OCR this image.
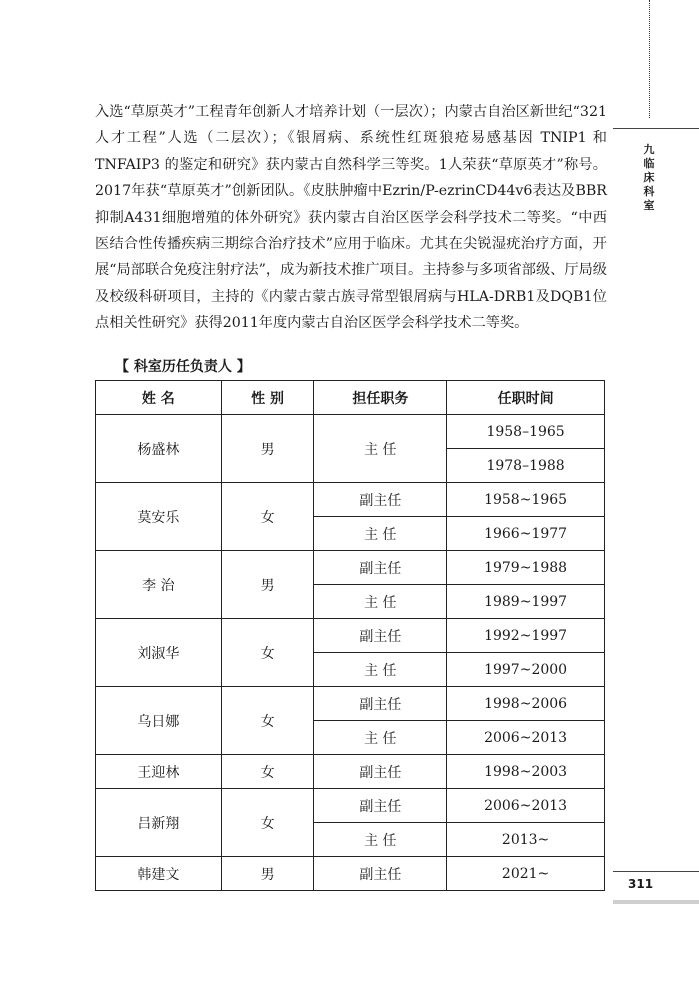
九
临
床
科
室

入选“草原英才”工程青年创新人才培养计划（一层次）；内蒙古自治区新世纪“321人才工程”人选（二层次）；《银屑病、系统性红斑狼疮易感基因 TNIP1 和 TNFAIP3 的鉴定和研究》获内蒙古自然科学三等奖。1人荣获“草原英才”称号。2017年获“草原英才”创新团队。《皮肤肿瘤中Ezrin/P-ezrinCD44v6表达及BBR抑制A431细胞增殖的体外研究》获内蒙古自治区医学会科学技术二等奖。“中西医结合性传播疾病三期综合治疗技术”应用于临床。尤其在尖锐湿疣治疗方面，开展“局部联合免疫注射疗法”，成为新技术推广项目。主持参与多项省部级、厅局级及校级科研项目，主持的《内蒙古蒙古族寻常型银屑病与HLA-DRB1及DQB1位点相关性研究》获得2011年度内蒙古自治区医学会科学技术二等奖。

【 科室历任负责人 】
姓 名	性 别	担任职务	任职时间
杨盛林	男	主 任	1958–1965
			1978–1988
莫安乐	女	副主任	1958~1965
		主 任	1966~1977
李 治	男	副主任	1979~1988
		主 任	1989~1997
刘淑华	女	副主任	1992~1997
		主 任	1997~2000
乌日娜	女	副主任	1998~2006
		主 任	2006~2013
王迎林	女	副主任	1998~2003
吕新翔	女	副主任	2006~2013
		主 任	2013~
韩建文	男	副主任	2021~
311
